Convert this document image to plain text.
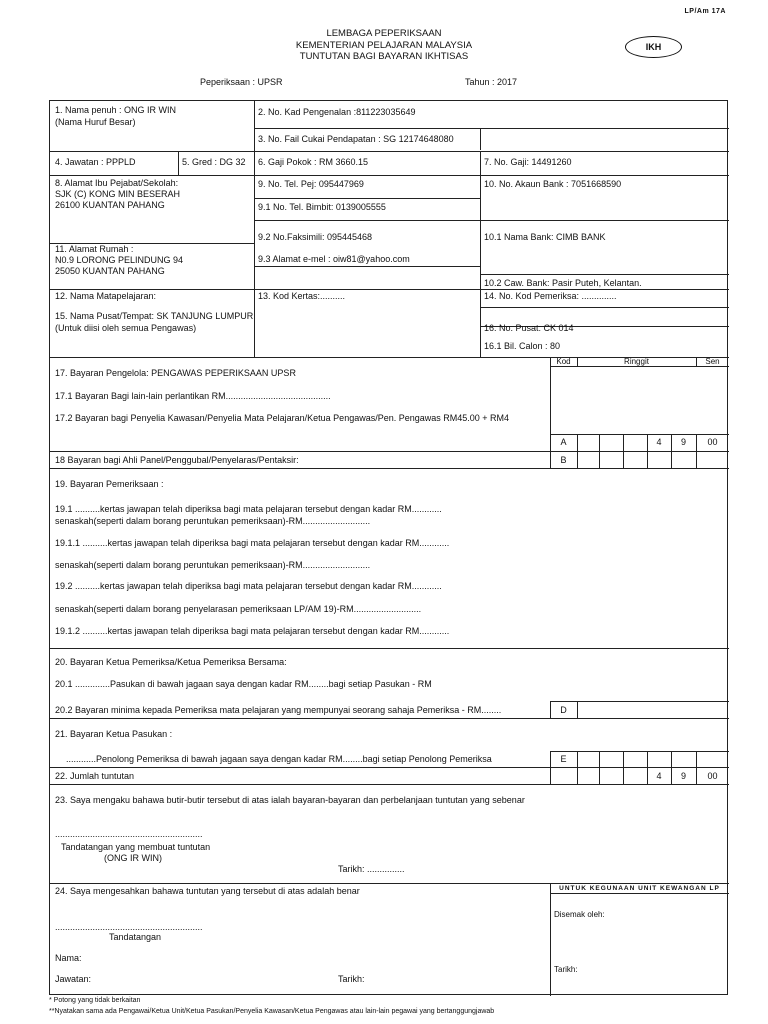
LP/Am 17A
LEMBAGA PEPERIKSAAN
KEMENTERIAN PELAJARAN MALAYSIA
TUNTUTAN BAGI BAYARAN IKHTISAS
IKH
Peperiksaan : UPSR	Tahun : 2017
1. Nama penuh : ONG IR WIN
(Nama Huruf Besar)
2. No. Kad Pengenalan :811223035649
3. No. Fail Cukai Pendapatan : SG 12174648080
4. Jawatan : PPPLD	5. Gred : DG 32 6. Gaji Pokok : RM 3660.15	7. No. Gaji: 14491260
8. Alamat Ibu Pejabat/Sekolah:
SJK (C) KONG MIN BESERAH
26100 KUANTAN PAHANG
9. No. Tel. Pej: 095447969	10. No. Akaun Bank : 7051668590
9.1 No. Tel. Bimbit: 0139005555
9.2 No.Faksimili: 095445468	10.1 Nama Bank: CIMB BANK
11. Alamat Rumah :
N0.9 LORONG PELINDUNG 94
25050 KUANTAN PAHANG
9.3 Alamat e-mel : oiw81@yahoo.com
10.2 Caw. Bank: Pasir Puteh, Kelantan.
12. Nama Matapelajaran:	13. Kod Kertas:..........	14. No. Kod Pemeriksa: ..............
15. Nama Pusat/Tempat: SK TANJUNG LUMPUR
(Untuk diisi oleh semua Pengawas)	16. No. Pusat: CK 014
16.1 Bil. Calon : 80
Kod	Ringgit	Sen
17. Bayaran Pengelola: PENGAWAS PEPERIKSAAN UPSR
17.1 Bayaran Bagi lain-lain perlantikan RM..........................................
17.2 Bayaran bagi Penyelia Kawasan/Penyelia Mata Pelajaran/Ketua Pengawas/Pen. Pengawas RM45.00 + RM4
A	4	9	00
18 Bayaran bagi Ahli Panel/Penggubal/Penyelaras/Pentaksir:	B
19. Bayaran Pemeriksaan :
19.1 ..........kertas jawapan telah diperiksa bagi mata pelajaran tersebut dengan kadar RM............
senaskah(seperti dalam borang peruntukan pemeriksaan)-RM...........................
19.1.1 ..........kertas jawapan telah diperiksa bagi mata pelajaran tersebut dengan kadar RM............
senaskah(seperti dalam borang peruntukan pemeriksaan)-RM...........................
19.2 ..........kertas jawapan telah diperiksa bagi mata pelajaran tersebut dengan kadar RM............
senaskah(seperti dalam borang penyelarasan pemeriksaan LP/AM 19)-RM...........................
19.1.2 ..........kertas jawapan telah diperiksa bagi mata pelajaran tersebut dengan kadar RM............
20. Bayaran Ketua Pemeriksa/Ketua Pemeriksa Bersama:
20.1 ..............Pasukan di bawah jagaan saya dengan kadar RM........bagi setiap Pasukan - RM
20.2 Bayaran minima kepada Pemeriksa mata pelajaran yang mempunyai seorang sahaja Pemeriksa - RM........	D
21. Bayaran Ketua Pasukan :
............Penolong Pemeriksa di bawah jagaan saya dengan kadar RM........bagi setiap Penolong Pemeriksa	E
22. Jumlah tuntutan	4	9	00
23. Saya mengaku bahawa butir-butir tersebut di atas ialah bayaran-bayaran dan perbelanjaan tuntutan yang sebenar
...........................................................
Tandatangan yang membuat tuntutan
(ONG IR WIN)
Tarikh: ...............
24. Saya mengesahkan bahawa tuntutan yang tersebut di atas adalah benar
...........................................................
Tandatangan
Nama:
Jawatan:	Tarikh:
UNTUK KEGUNAAN UNIT KEWANGAN LP
Disemak oleh:
Tarikh:
* Potong yang tidak berkaitan
**Nyatakan sama ada Pengawai/Ketua Unit/Ketua Pasukan/Penyelia Kawasan/Ketua Pengawas atau lain-lain pegawai yang bertanggungjawab
